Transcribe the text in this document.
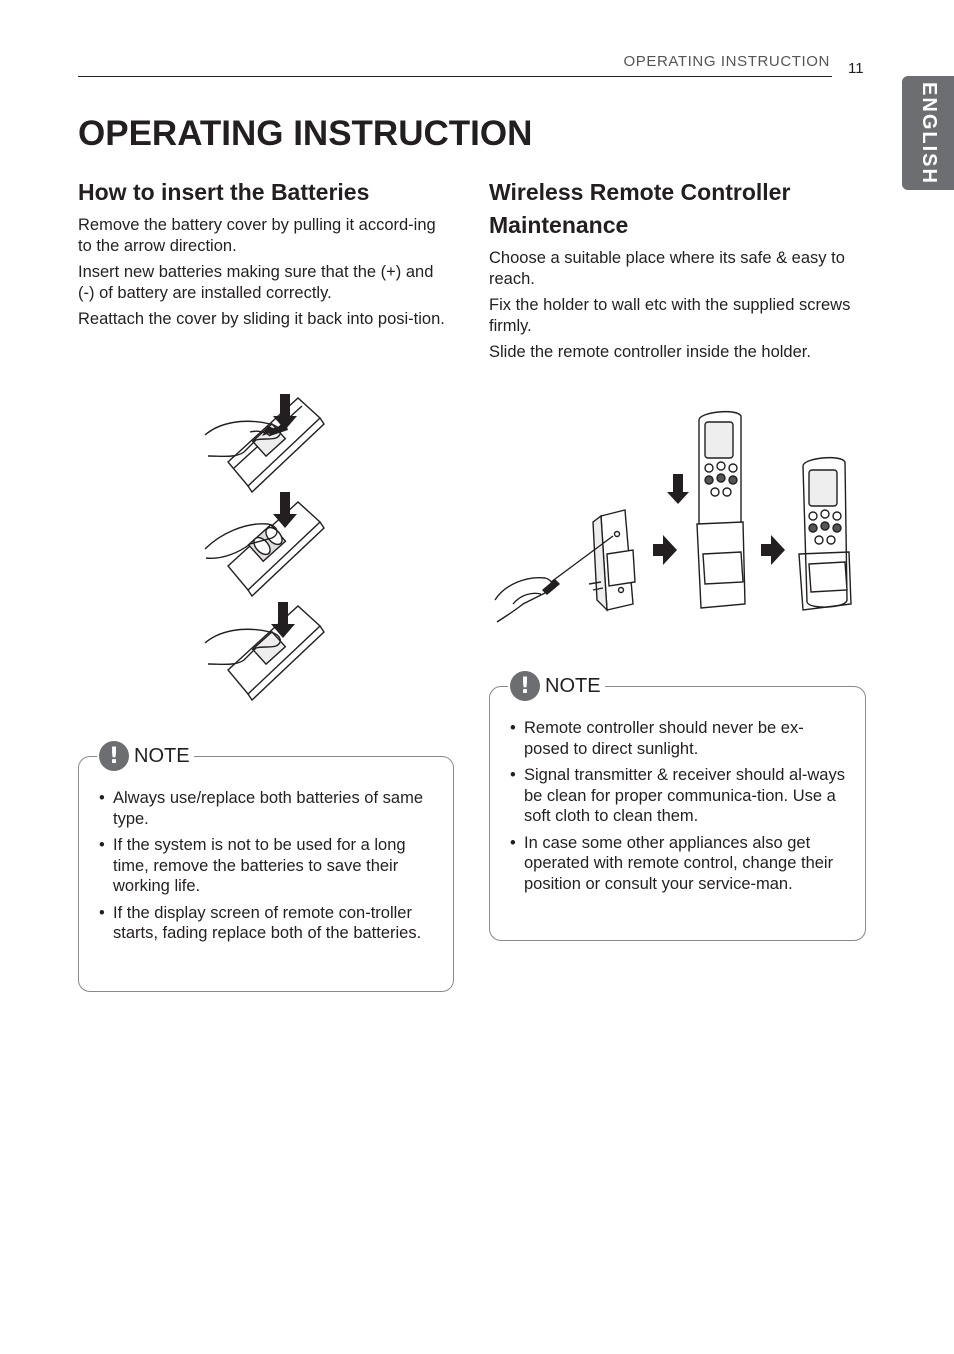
OPERATING INSTRUCTION 11
ENGLISH
OPERATING INSTRUCTION
How to insert the Batteries

Remove the battery cover by pulling it accord-ing to the arrow direction.

Insert new batteries making sure that the (+) and (-) of battery are installed correctly.

Reattach the cover by sliding it back into posi-tion.

Wireless Remote Controller Maintenance

Choose a suitable place where its safe & easy to reach.

Fix the holder to wall etc with the supplied screws firmly.

Slide the remote controller inside the holder.

! NOTE
• Always use/replace both batteries of same type.
• If the system is not to be used for a long time, remove the batteries to save their working life.
• If the display screen of remote con-troller starts, fading replace both of the batteries.
! NOTE
• Remote controller should never be ex-posed to direct sunlight.
• Signal transmitter & receiver should al-ways be clean for proper communica-tion. Use a soft cloth to clean them.
• In case some other appliances also get operated with remote control, change their position or consult your service-man.
